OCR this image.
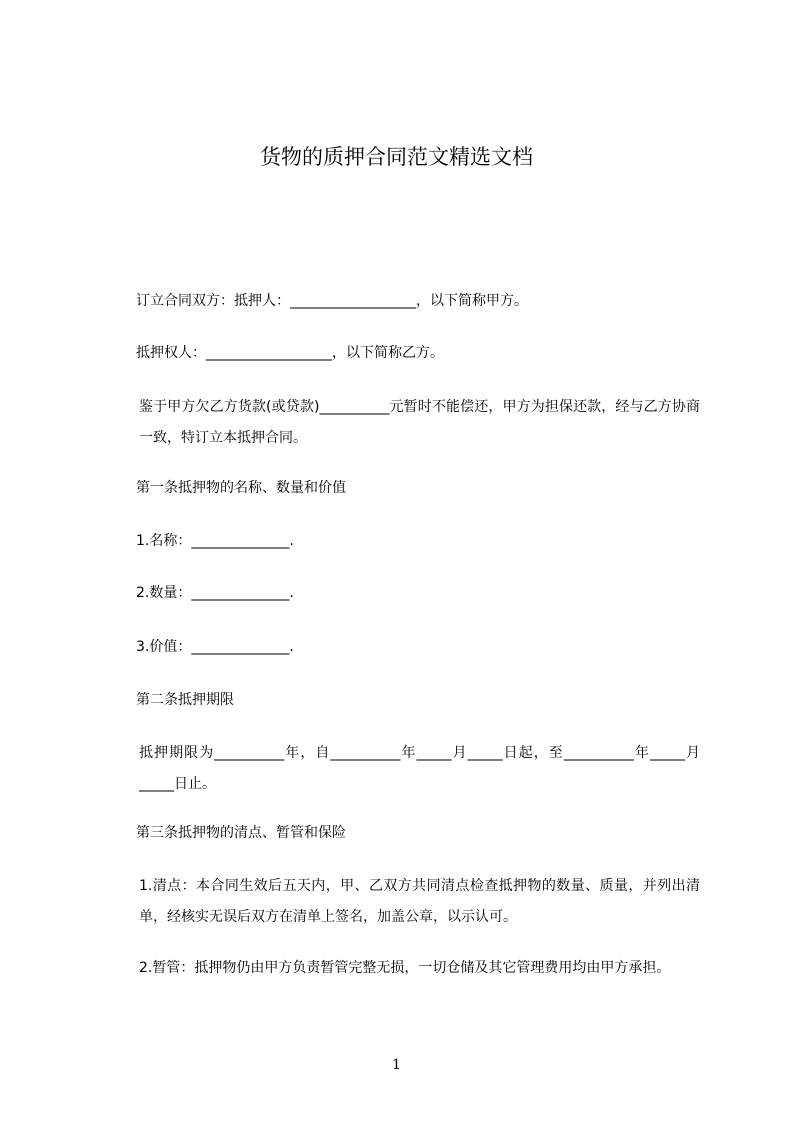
货物的质押合同范文精选文档

订立合同双方：抵押人：__________________，以下简称甲方。

抵押权人：__________________，以下简称乙方。

鉴于甲方欠乙方货款(或贷款)__________元暂时不能偿还，甲方为担保还款，经与乙方协商一致，特订立本抵押合同。

第一条抵押物的名称、数量和价值

1.名称：______________.

2.数量：______________.

3.价值：______________.

第二条抵押期限

抵押期限为__________年，自__________年_____月_____日起，至__________年_____月_____日止。

第三条抵押物的清点、暂管和保险

1.清点：本合同生效后五天内，甲、乙双方共同清点检查抵押物的数量、质量，并列出清单，经核实无误后双方在清单上签名，加盖公章，以示认可。

2.暂管：抵押物仍由甲方负责暂管完整无损，一切仓储及其它管理费用均由甲方承担。

1
